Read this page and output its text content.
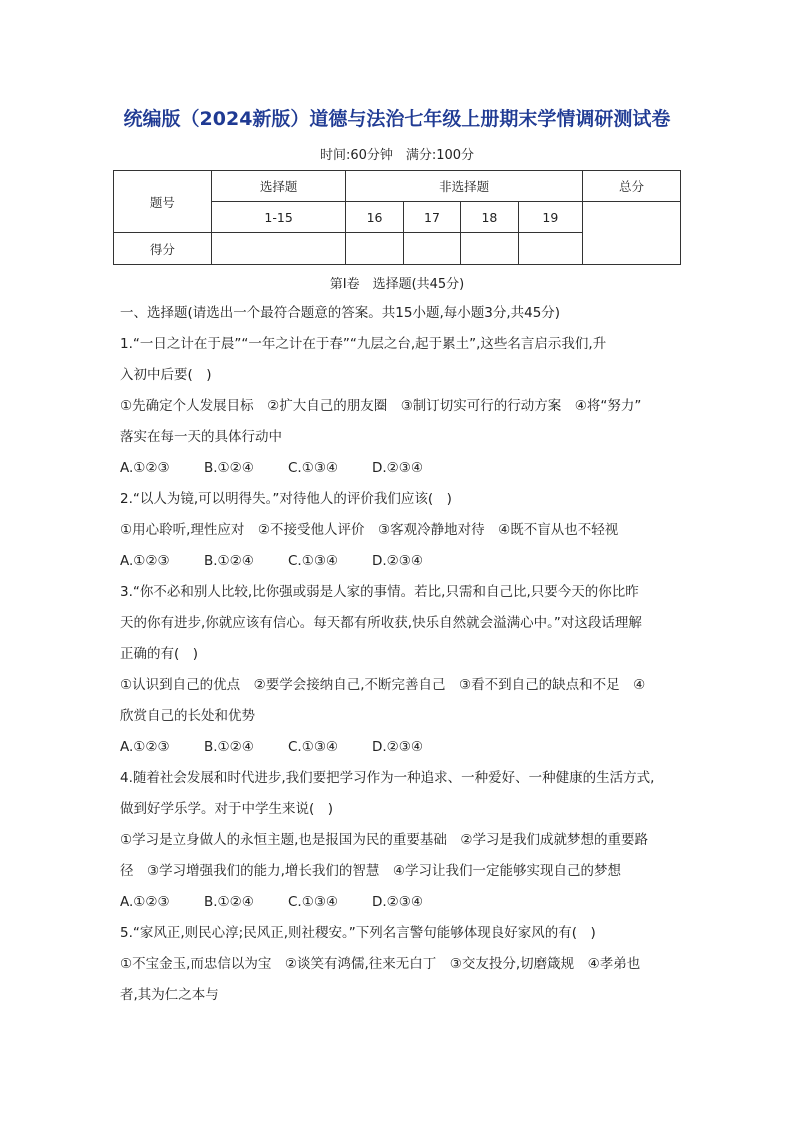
统编版（2024新版）道德与法治七年级上册期末学情调研测试卷
时间:60分钟　满分:100分
题号	选择题	非选择题				总分
	1-15	16	17	18	19	
得分						
第Ⅰ卷　选择题(共45分)

一、选择题(请选出一个最符合题意的答案。共15小题,每小题3分,共45分)

1.“一日之计在于晨”“一年之计在于春”“九层之台,起于累土”,这些名言启示我们,升

入初中后要(　)

①先确定个人发展目标　②扩大自己的朋友圈　③制订切实可行的行动方案　④将“努力”

落实在每一天的具体行动中

A.①②③	B.①②④	C.①③④	D.②③④

2.“以人为镜,可以明得失。”对待他人的评价我们应该(　)

①用心聆听,理性应对　②不接受他人评价　③客观冷静地对待　④既不盲从也不轻视

A.①②③	B.①②④	C.①③④	D.②③④

3.“你不必和别人比较,比你强或弱是人家的事情。若比,只需和自己比,只要今天的你比昨

天的你有进步,你就应该有信心。每天都有所收获,快乐自然就会溢满心中。”对这段话理解

正确的有(　)

①认识到自己的优点　②要学会接纳自己,不断完善自己　③看不到自己的缺点和不足　④

欣赏自己的长处和优势

A.①②③	B.①②④	C.①③④	D.②③④

4.随着社会发展和时代进步,我们要把学习作为一种追求、一种爱好、一种健康的生活方式,

做到好学乐学。对于中学生来说(　)

①学习是立身做人的永恒主题,也是报国为民的重要基础　②学习是我们成就梦想的重要路

径　③学习增强我们的能力,增长我们的智慧　④学习让我们一定能够实现自己的梦想

A.①②③	B.①②④	C.①③④	D.②③④

5.“家风正,则民心淳;民风正,则社稷安。”下列名言警句能够体现良好家风的有(　)

①不宝金玉,而忠信以为宝　②谈笑有鸿儒,往来无白丁　③交友投分,切磨箴规　④孝弟也

者,其为仁之本与
